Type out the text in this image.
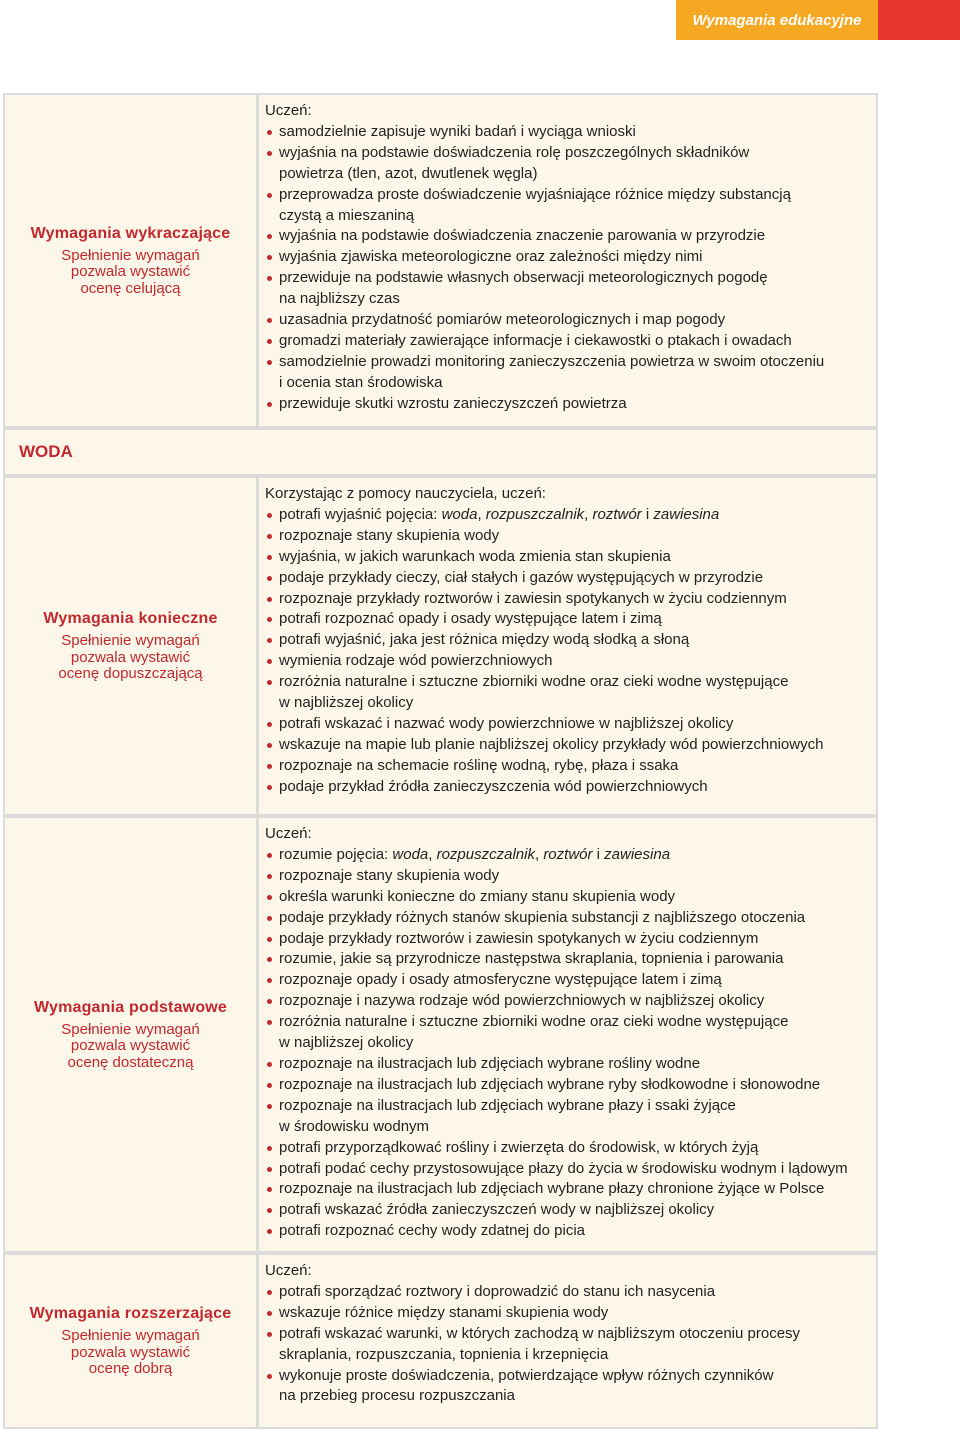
Wymagania edukacyjne
Wymagania wykraczające
Spełnienie wymagań
pozwala wystawić
ocenę celującą
Uczeń:
samodzielnie zapisuje wyniki badań i wyciąga wnioski
wyjaśnia na podstawie doświadczenia rolę poszczególnych składników
powietrza (tlen, azot, dwutlenek węgla)
przeprowadza proste doświadczenie wyjaśniające różnice między substancją
czystą a mieszaniną
wyjaśnia na podstawie doświadczenia znaczenie parowania w przyrodzie
wyjaśnia zjawiska meteorologiczne oraz zależności między nimi
przewiduje na podstawie własnych obserwacji meteorologicznych pogodę
na najbliższy czas
uzasadnia przydatność pomiarów meteorologicznych i map pogody
gromadzi materiały zawierające informacje i ciekawostki o ptakach i owadach
samodzielnie prowadzi monitoring zanieczyszczenia powietrza w swoim otoczeniu
i ocenia stan środowiska
przewiduje skutki wzrostu zanieczyszczeń powietrza
WODA
Wymagania konieczne
Spełnienie wymagań
pozwala wystawić
ocenę dopuszczającą
Korzystając z pomocy nauczyciela, uczeń:
potrafi wyjaśnić pojęcia: woda, rozpuszczalnik, roztwór i zawiesina
rozpoznaje stany skupienia wody
wyjaśnia, w jakich warunkach woda zmienia stan skupienia
podaje przykłady cieczy, ciał stałych i gazów występujących w przyrodzie
rozpoznaje przykłady roztworów i zawiesin spotykanych w życiu codziennym
potrafi rozpoznać opady i osady występujące latem i zimą
potrafi wyjaśnić, jaka jest różnica między wodą słodką a słoną
wymienia rodzaje wód powierzchniowych
rozróżnia naturalne i sztuczne zbiorniki wodne oraz cieki wodne występujące
w najbliższej okolicy
potrafi wskazać i nazwać wody powierzchniowe w najbliższej okolicy
wskazuje na mapie lub planie najbliższej okolicy przykłady wód powierzchniowych
rozpoznaje na schemacie roślinę wodną, rybę, płaza i ssaka
podaje przykład źródła zanieczyszczenia wód powierzchniowych
Wymagania podstawowe
Spełnienie wymagań
pozwala wystawić
ocenę dostateczną
Uczeń:
rozumie pojęcia: woda, rozpuszczalnik, roztwór i zawiesina
rozpoznaje stany skupienia wody
określa warunki konieczne do zmiany stanu skupienia wody
podaje przykłady różnych stanów skupienia substancji z najbliższego otoczenia
podaje przykłady roztworów i zawiesin spotykanych w życiu codziennym
rozumie, jakie są przyrodnicze następstwa skraplania, topnienia i parowania
rozpoznaje opady i osady atmosferyczne występujące latem i zimą
rozpoznaje i nazywa rodzaje wód powierzchniowych w najbliższej okolicy
rozróżnia naturalne i sztuczne zbiorniki wodne oraz cieki wodne występujące
w najbliższej okolicy
rozpoznaje na ilustracjach lub zdjęciach wybrane rośliny wodne
rozpoznaje na ilustracjach lub zdjęciach wybrane ryby słodkowodne i słonowodne
rozpoznaje na ilustracjach lub zdjęciach wybrane płazy i ssaki żyjące
w środowisku wodnym
potrafi przyporządkować rośliny i zwierzęta do środowisk, w których żyją
potrafi podać cechy przystosowujące płazy do życia w środowisku wodnym i lądowym
rozpoznaje na ilustracjach lub zdjęciach wybrane płazy chronione żyjące w Polsce
potrafi wskazać źródła zanieczyszczeń wody w najbliższej okolicy
potrafi rozpoznać cechy wody zdatnej do picia
Wymagania rozszerzające
Spełnienie wymagań
pozwala wystawić
ocenę dobrą
Uczeń:
potrafi sporządzać roztwory i doprowadzić do stanu ich nasycenia
wskazuje różnice między stanami skupienia wody
potrafi wskazać warunki, w których zachodzą w najbliższym otoczeniu procesy
skraplania, rozpuszczania, topnienia i krzepnięcia
wykonuje proste doświadczenia, potwierdzające wpływ różnych czynników
na przebieg procesu rozpuszczania
